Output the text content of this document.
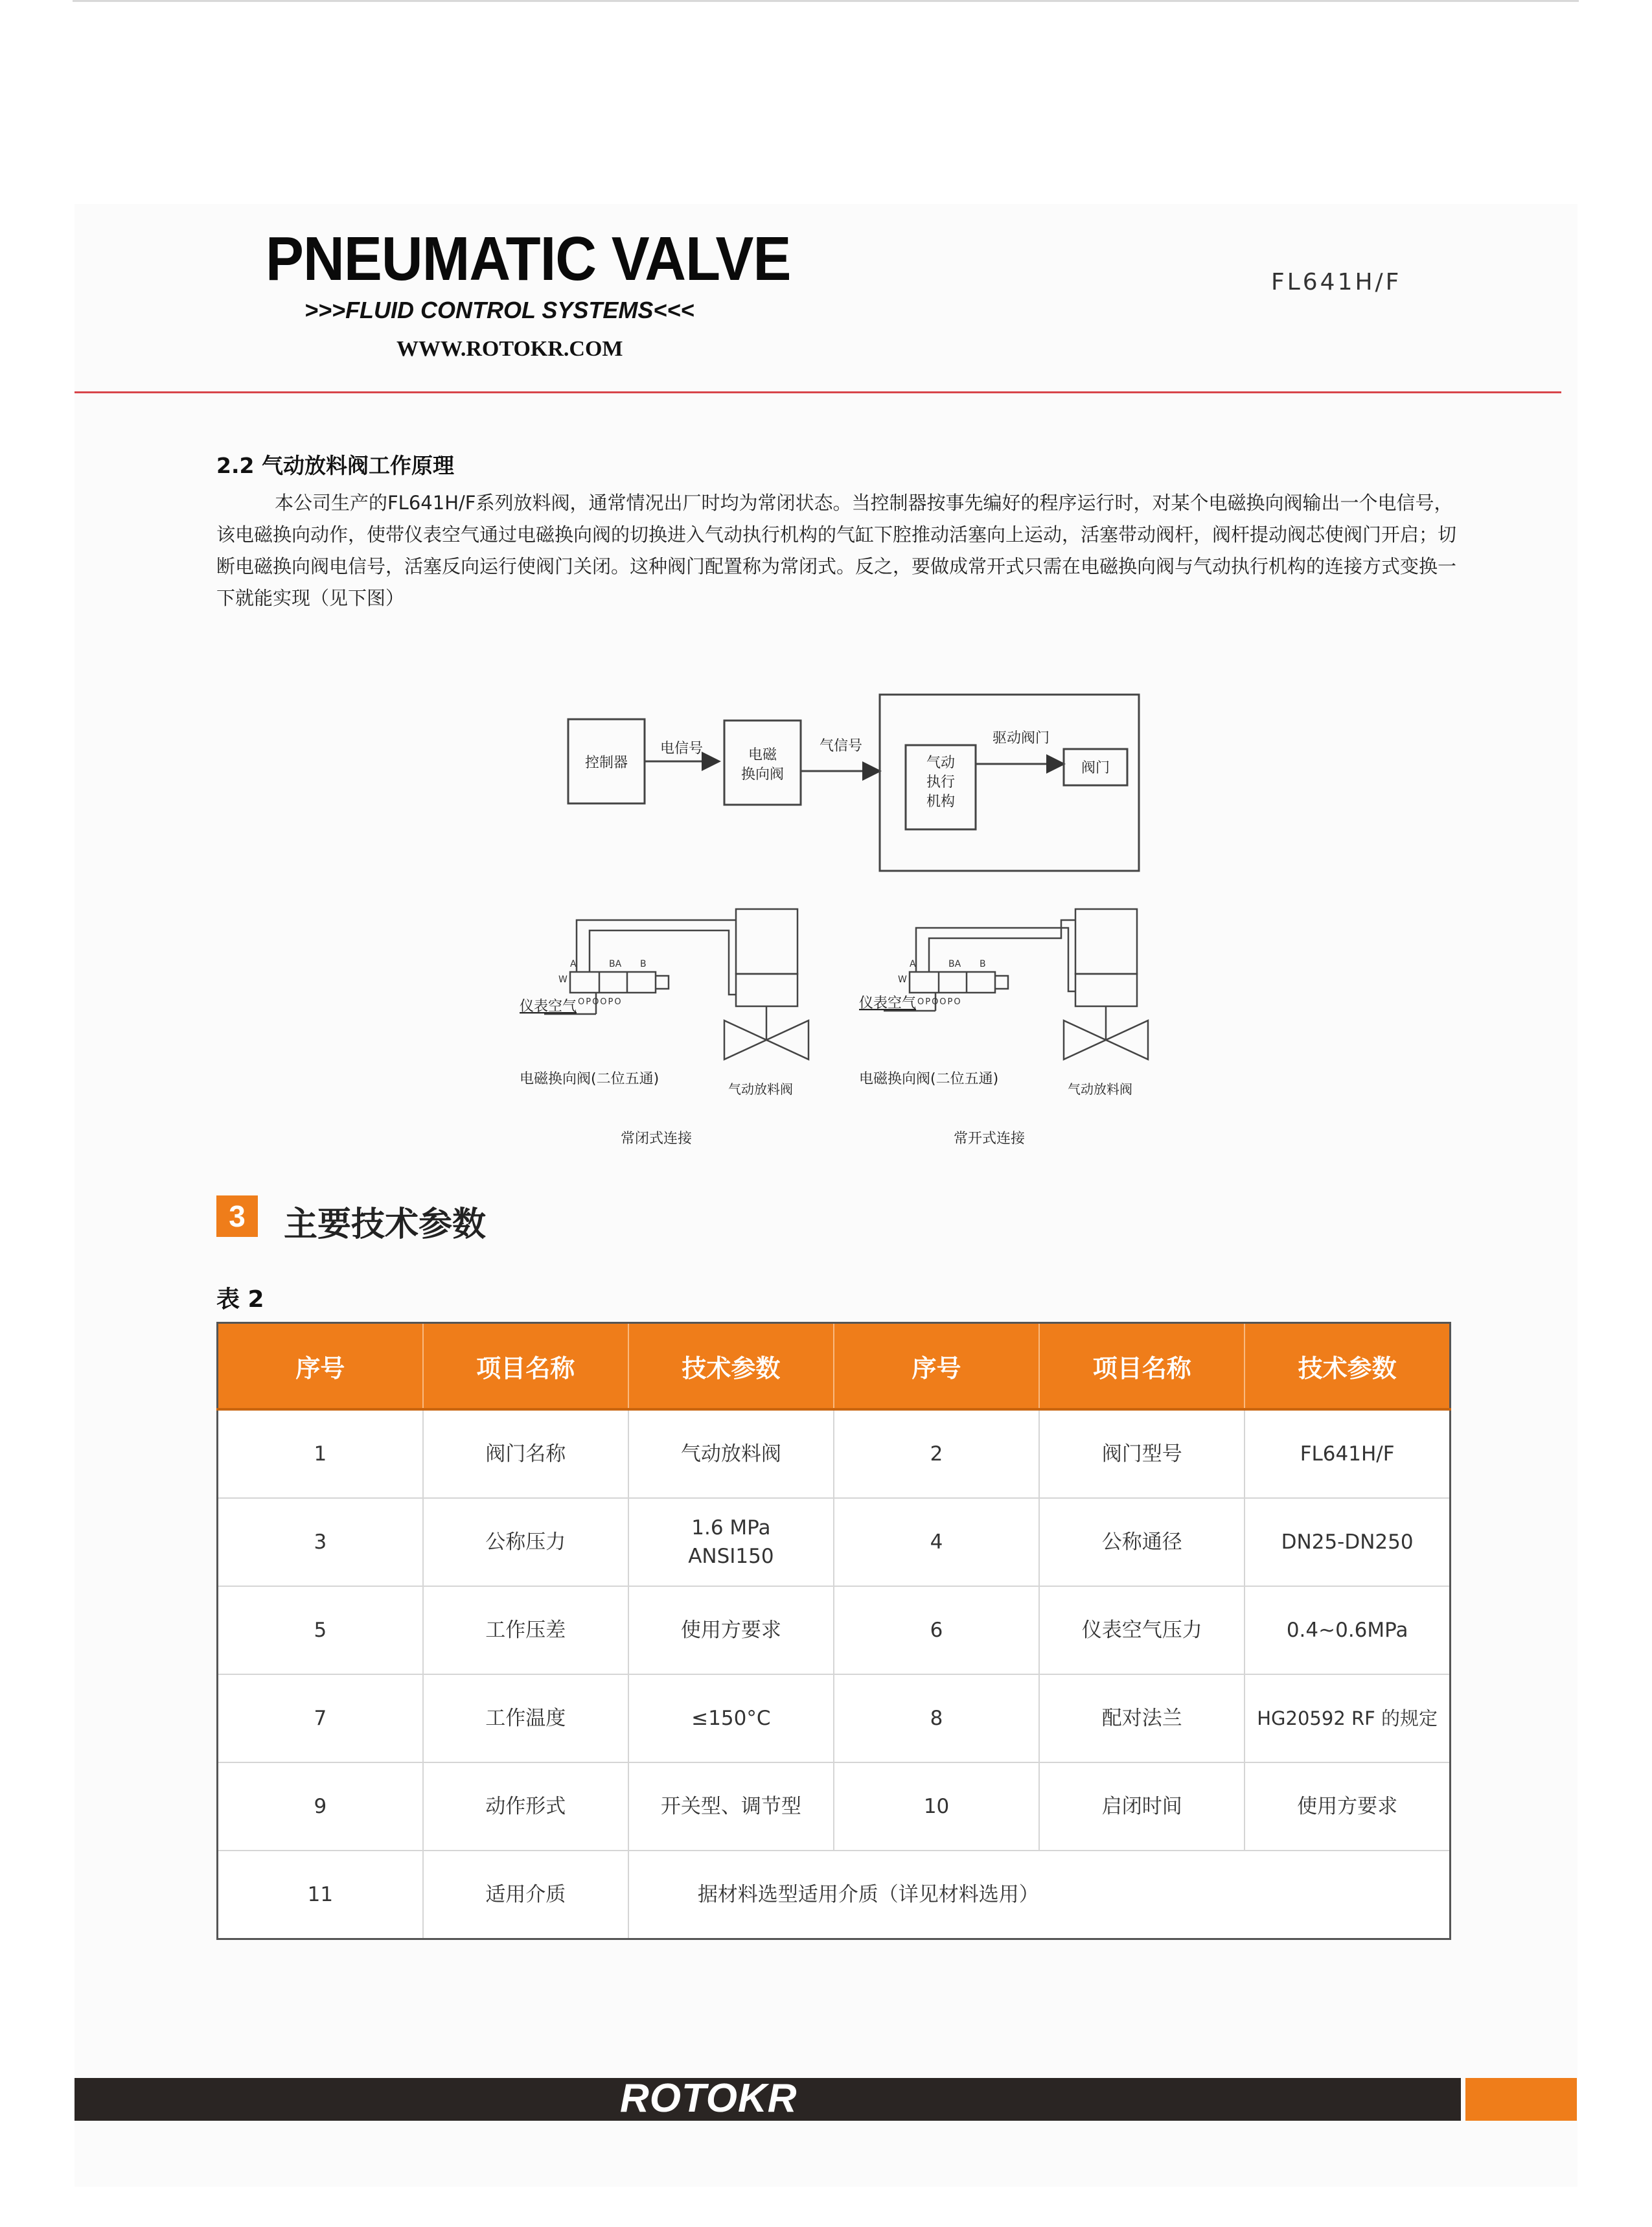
PNEUMATIC VALVE
>>>FLUID CONTROL SYSTEMS<<<
WWW.ROTOKR.COM
FL641H/F
2.2 气动放料阀工作原理

本公司生产的FL641H/F系列放料阀，通常情况出厂时均为常闭状态。当控制器按事先编好的程序运行时，对某个电磁换向阀输出一个电信号，该电磁换向动作，使带仪表空气通过电磁换向阀的切换进入气动执行机构的气缸下腔推动活塞向上运动，活塞带动阀杆，阀杆提动阀芯使阀门开启；切断电磁换向阀电信号，活塞反向运行使阀门关闭。这种阀门配置称为常闭式。反之，要做成常开式只需在电磁换向阀与气动执行机构的连接方式变换一下就能实现（见下图）

控制器
电信号	电磁
换向阀
气信号
气动
执行
机构
驱动阀门
阀门
W
A	BA B
OPOOPO
仪表空气
电磁换向阀(二位五通)
气动放料阀
常闭式连接
W
A	BA B
OPOOPO
仪表空气
电磁换向阀(二位五通)
气动放料阀
常开式连接
3	主要技术参数
表 2
序号	项目名称	技术参数	序号	项目名称	技术参数
1	阀门名称	气动放料阀	2	阀门型号	FL641H/F
3	公称压力	1.6 MPa
ANSI150	4	公称通径	DN25-DN250
5	工作压差	使用方要求	6	仪表空气压力	0.4~0.6MPa
7	工作温度	≤150°C	8	配对法兰	HG20592 RF 的规定
9	动作形式	开关型、调节型	10	启闭时间	使用方要求
11	适用介质	据材料选型适用介质（详见材料选用）			
ROTOKR
